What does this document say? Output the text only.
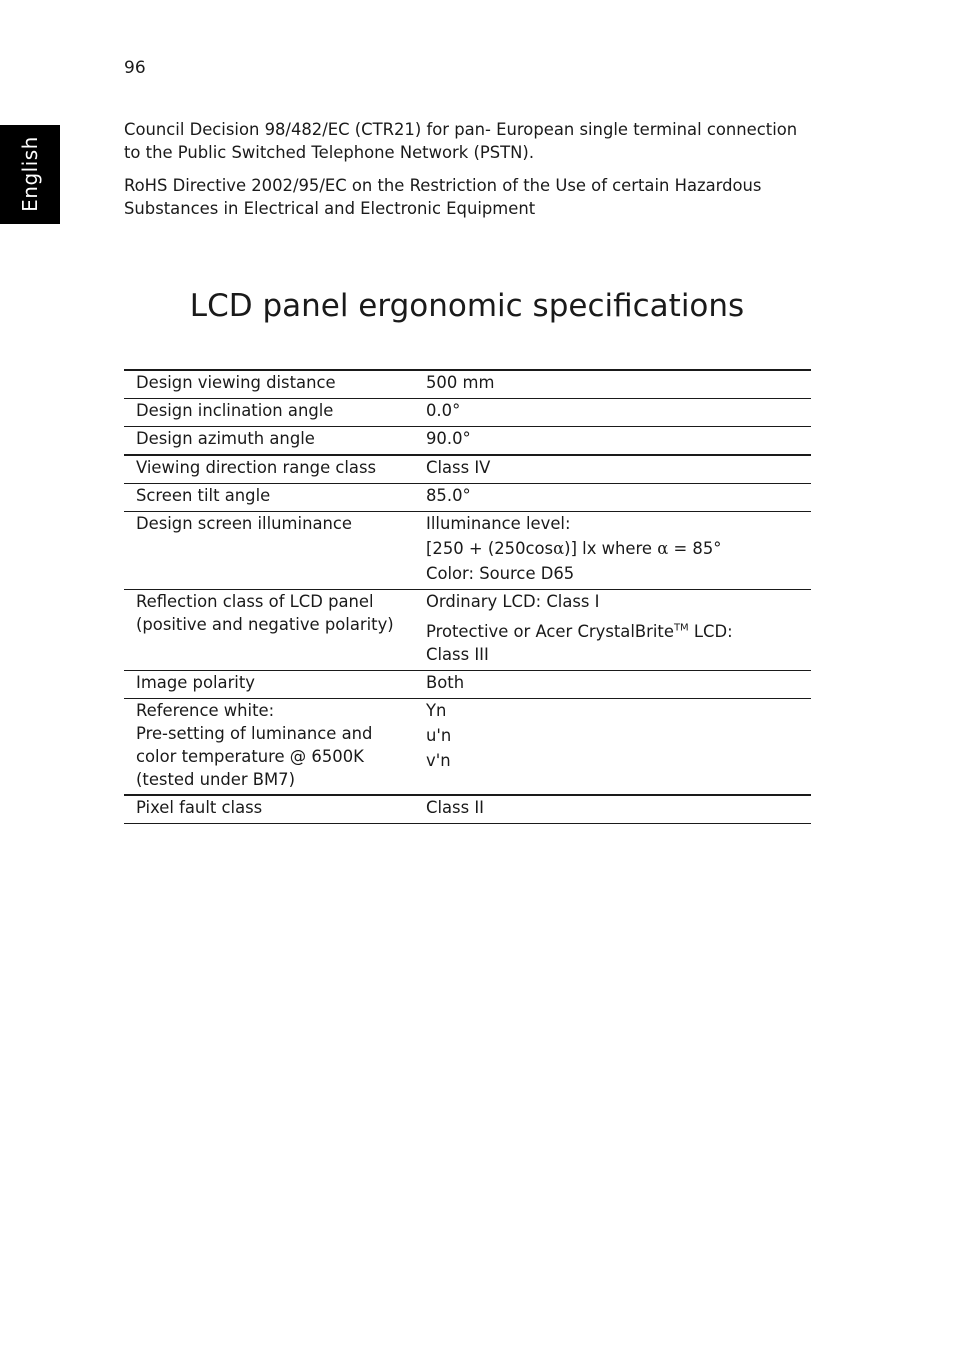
96
English
Council Decision 98/482/EC (CTR21) for pan- European single terminal connection to the Public Switched Telephone Network (PSTN).
RoHS Directive 2002/95/EC on the Restriction of the Use of certain Hazardous Substances in Electrical and Electronic Equipment
LCD panel ergonomic specifications
Design viewing distance	500 mm
Design inclination angle	0.0°
Design azimuth angle	90.0°
Viewing direction range class	Class IV
Screen tilt angle	85.0°
Design screen illuminance	Illuminance level:
[250 + (250cosα)] lx where α = 85°
Color: Source D65

Reflection class of LCD panel
(positive and negative polarity)	Ordinary LCD: Class I
Protective or Acer CrystalBrite™ LCD:
Class III

Image polarity	Both

Reference white:
Pre-setting of luminance and
color temperature @ 6500K
(tested under BM7)	Yn
u'n
v'n

Pixel fault class	Class II
